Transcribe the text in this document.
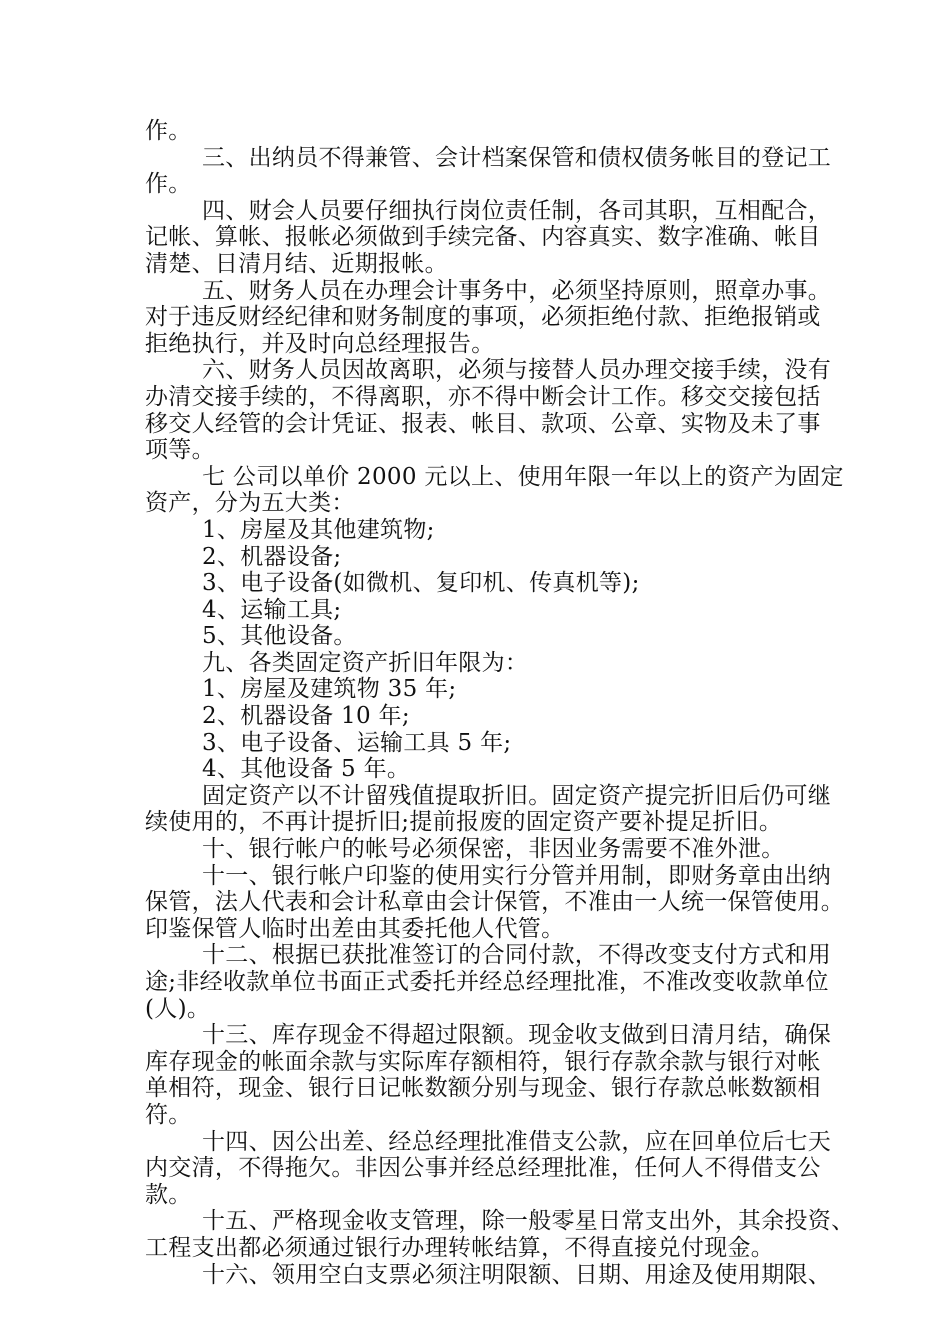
作。
三、出纳员不得兼管、会计档案保管和债权债务帐目的登记工
作。
四、财会人员要仔细执行岗位责任制，各司其职，互相配合，
记帐、算帐、报帐必须做到手续完备、内容真实、数字准确、帐目
清楚、日清月结、近期报帐。
五、财务人员在办理会计事务中，必须坚持原则，照章办事。
对于违反财经纪律和财务制度的事项，必须拒绝付款、拒绝报销或
拒绝执行，并及时向总经理报告。
六、财务人员因故离职，必须与接替人员办理交接手续，没有
办清交接手续的，不得离职，亦不得中断会计工作。移交交接包括
移交人经管的会计凭证、报表、帐目、款项、公章、实物及未了事
项等。
七 公司以单价 2000 元以上、使用年限一年以上的资产为固定
资产，分为五大类：
1、房屋及其他建筑物;
2、机器设备;
3、电子设备(如微机、复印机、传真机等);
4、运输工具;
5、其他设备。
九、各类固定资产折旧年限为：
1、房屋及建筑物 35 年;
2、机器设备 10 年;
3、电子设备、运输工具 5 年;
4、其他设备 5 年。
固定资产以不计留残值提取折旧。固定资产提完折旧后仍可继
续使用的，不再计提折旧;提前报废的固定资产要补提足折旧。
十、银行帐户的帐号必须保密，非因业务需要不准外泄。
十一、银行帐户印鉴的使用实行分管并用制，即财务章由出纳
保管，法人代表和会计私章由会计保管，不准由一人统一保管使用。
印鉴保管人临时出差由其委托他人代管。
十二、根据已获批准签订的合同付款，不得改变支付方式和用
途;非经收款单位书面正式委托并经总经理批准，不准改变收款单位
(人)。
十三、库存现金不得超过限额。现金收支做到日清月结，确保
库存现金的帐面余款与实际库存额相符，银行存款余款与银行对帐
单相符，现金、银行日记帐数额分别与现金、银行存款总帐数额相
符。
十四、因公出差、经总经理批准借支公款，应在回单位后七天
内交清，不得拖欠。非因公事并经总经理批准，任何人不得借支公
款。
十五、严格现金收支管理，除一般零星日常支出外，其余投资、
工程支出都必须通过银行办理转帐结算，不得直接兑付现金。
十六、领用空白支票必须注明限额、日期、用途及使用期限、
